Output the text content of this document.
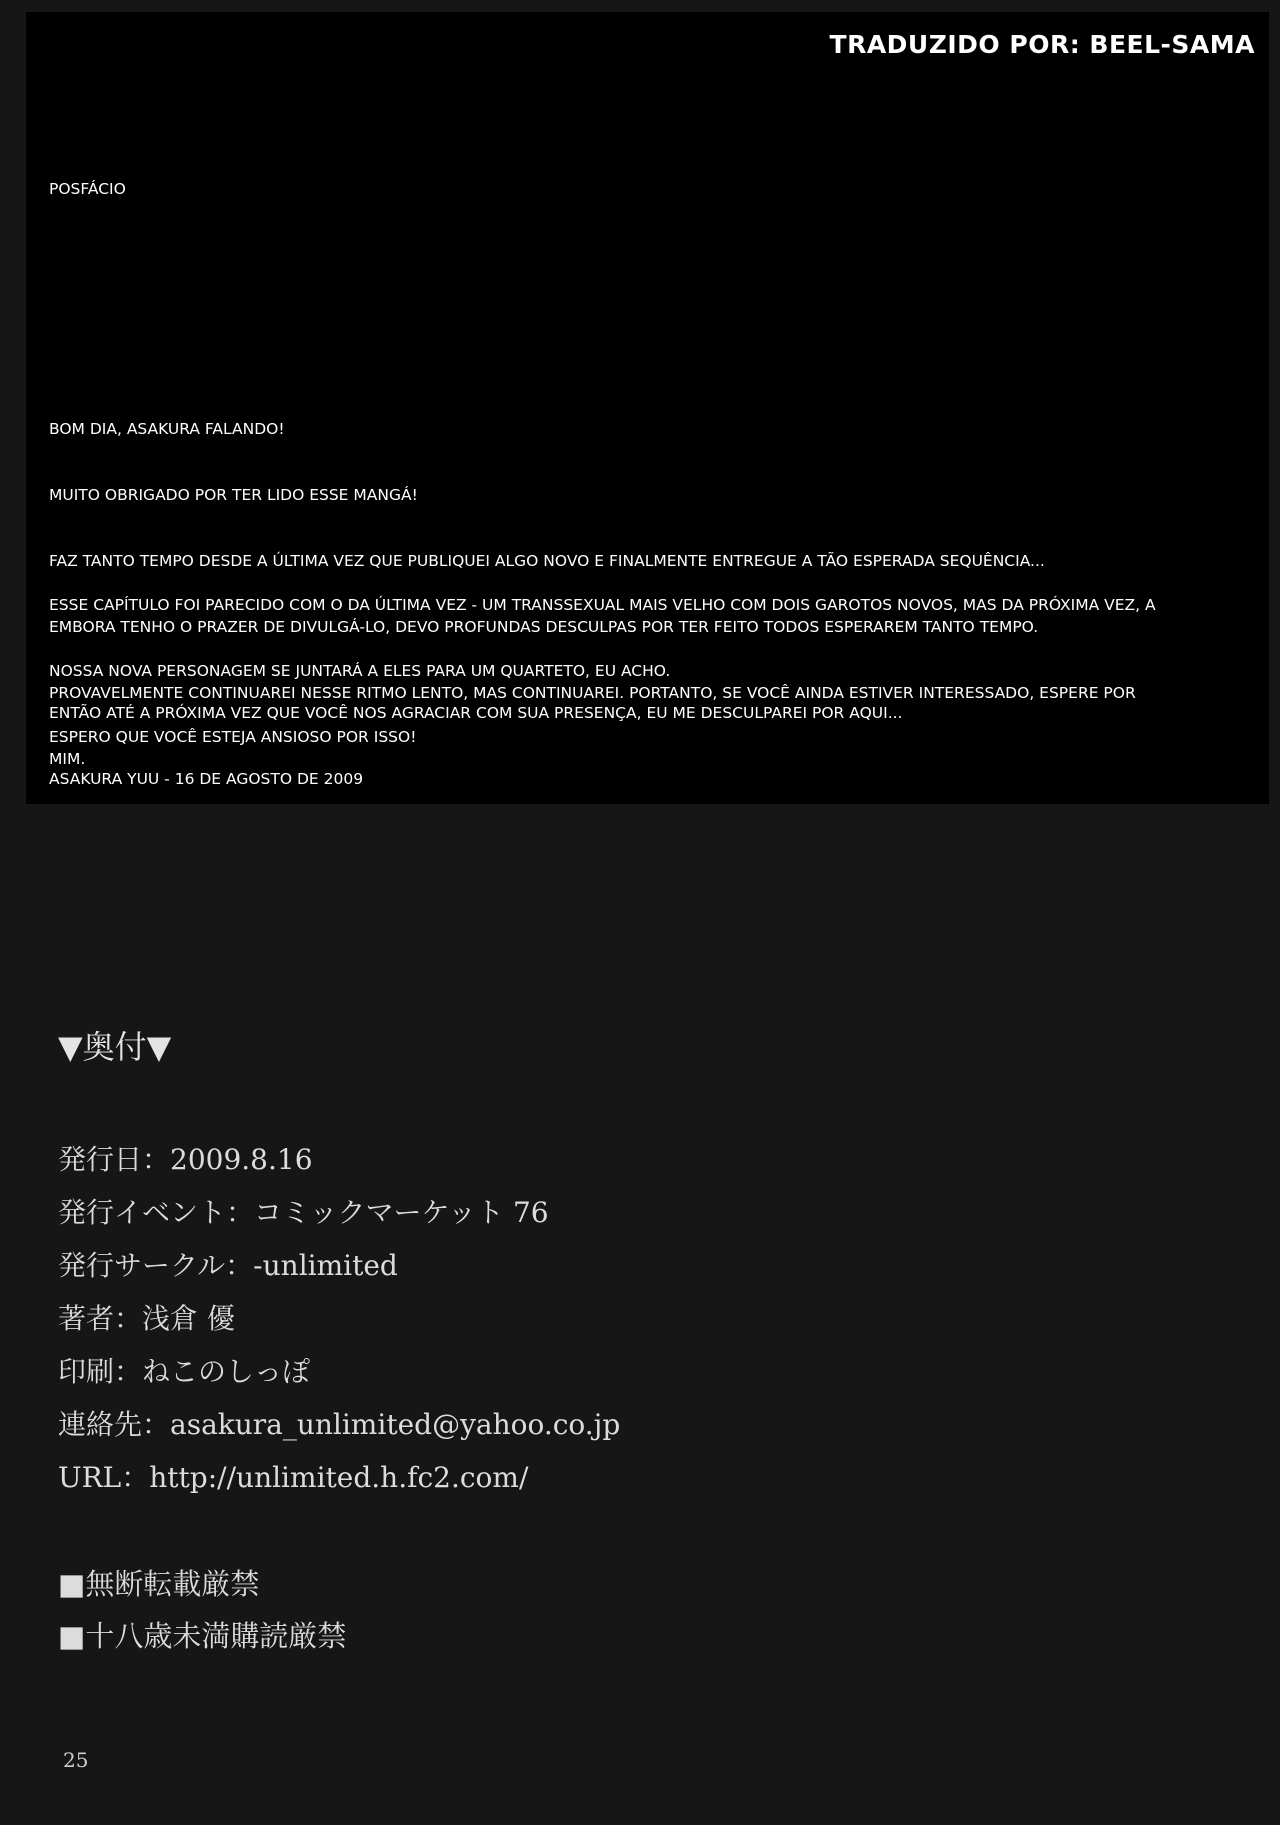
TRADUZIDO POR: BEEL-SAMA
POSFÁCIO

BOM DIA, ASAKURA FALANDO!

MUITO OBRIGADO POR TER LIDO ESSE MANGÁ!

FAZ TANTO TEMPO DESDE A ÚLTIMA VEZ QUE PUBLIQUEI ALGO NOVO E FINALMENTE ENTREGUE A TÃO ESPERADA SEQUÊNCIA...

EMBORA TENHO O PRAZER DE DIVULGÁ-LO, DEVO PROFUNDAS DESCULPAS POR TER FEITO TODOS ESPERAREM TANTO TEMPO.

PROVAVELMENTE CONTINUAREI NESSE RITMO LENTO, MAS CONTINUAREI. PORTANTO, SE VOCÊ AINDA ESTIVER INTERESSADO, ESPERE POR

MIM.

ESSE CAPÍTULO FOI PARECIDO COM O DA ÚLTIMA VEZ - UM TRANSSEXUAL MAIS VELHO COM DOIS GAROTOS NOVOS, MAS DA PRÓXIMA VEZ, A

NOSSA NOVA PERSONAGEM SE JUNTARÁ A ELES PARA UM QUARTETO, EU ACHO.

ESPERO QUE VOCÊ ESTEJA ANSIOSO POR ISSO!

ENTÃO ATÉ A PRÓXIMA VEZ QUE VOCÊ NOS AGRACIAR COM SUA PRESENÇA, EU ME DESCULPAREI POR AQUI...

ASAKURA YUU - 16 DE AGOSTO DE 2009

▼奥付▼
発行日：2009.8.16
発行イベント：コミックマーケット 76
発行サークル：-unlimited
著者：浅倉 優
印刷：ねこのしっぽ
連絡先：asakura_unlimited@yahoo.co.jp
URL：http://unlimited.h.fc2.com/
■無断転載厳禁
■十八歳未満購読厳禁
25
